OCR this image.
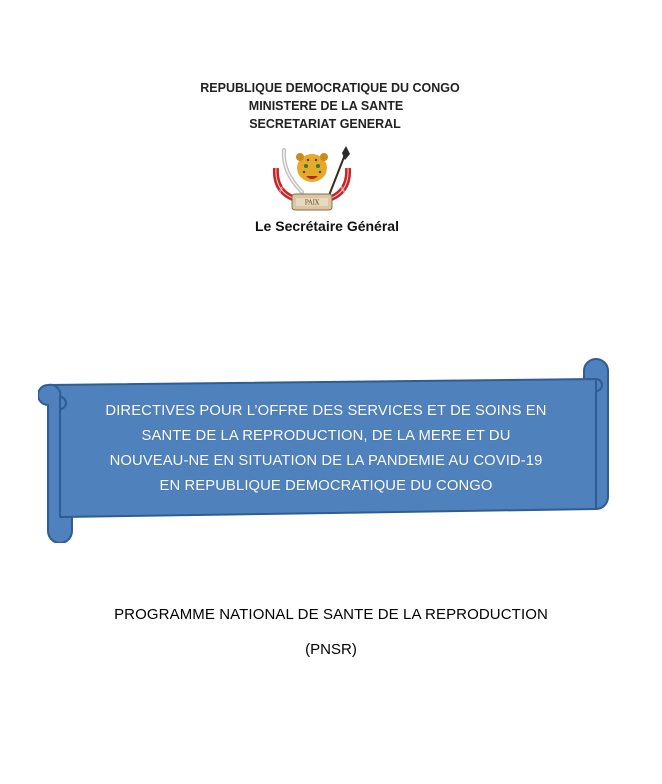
REPUBLIQUE DEMOCRATIQUE DU CONGO
MINISTERE DE LA SANTE
SECRETARIAT GENERAL
PAIX
JUSTICE	TRAVAIL
Le Secrétaire Général
DIRECTIVES POUR L’OFFRE DES SERVICES ET DE SOINS EN
SANTE DE LA REPRODUCTION, DE LA MERE ET DU
NOUVEAU-NE EN SITUATION DE LA PANDEMIE AU COVID-19
EN REPUBLIQUE DEMOCRATIQUE DU CONGO
PROGRAMME NATIONAL DE SANTE DE LA REPRODUCTION
(PNSR)
